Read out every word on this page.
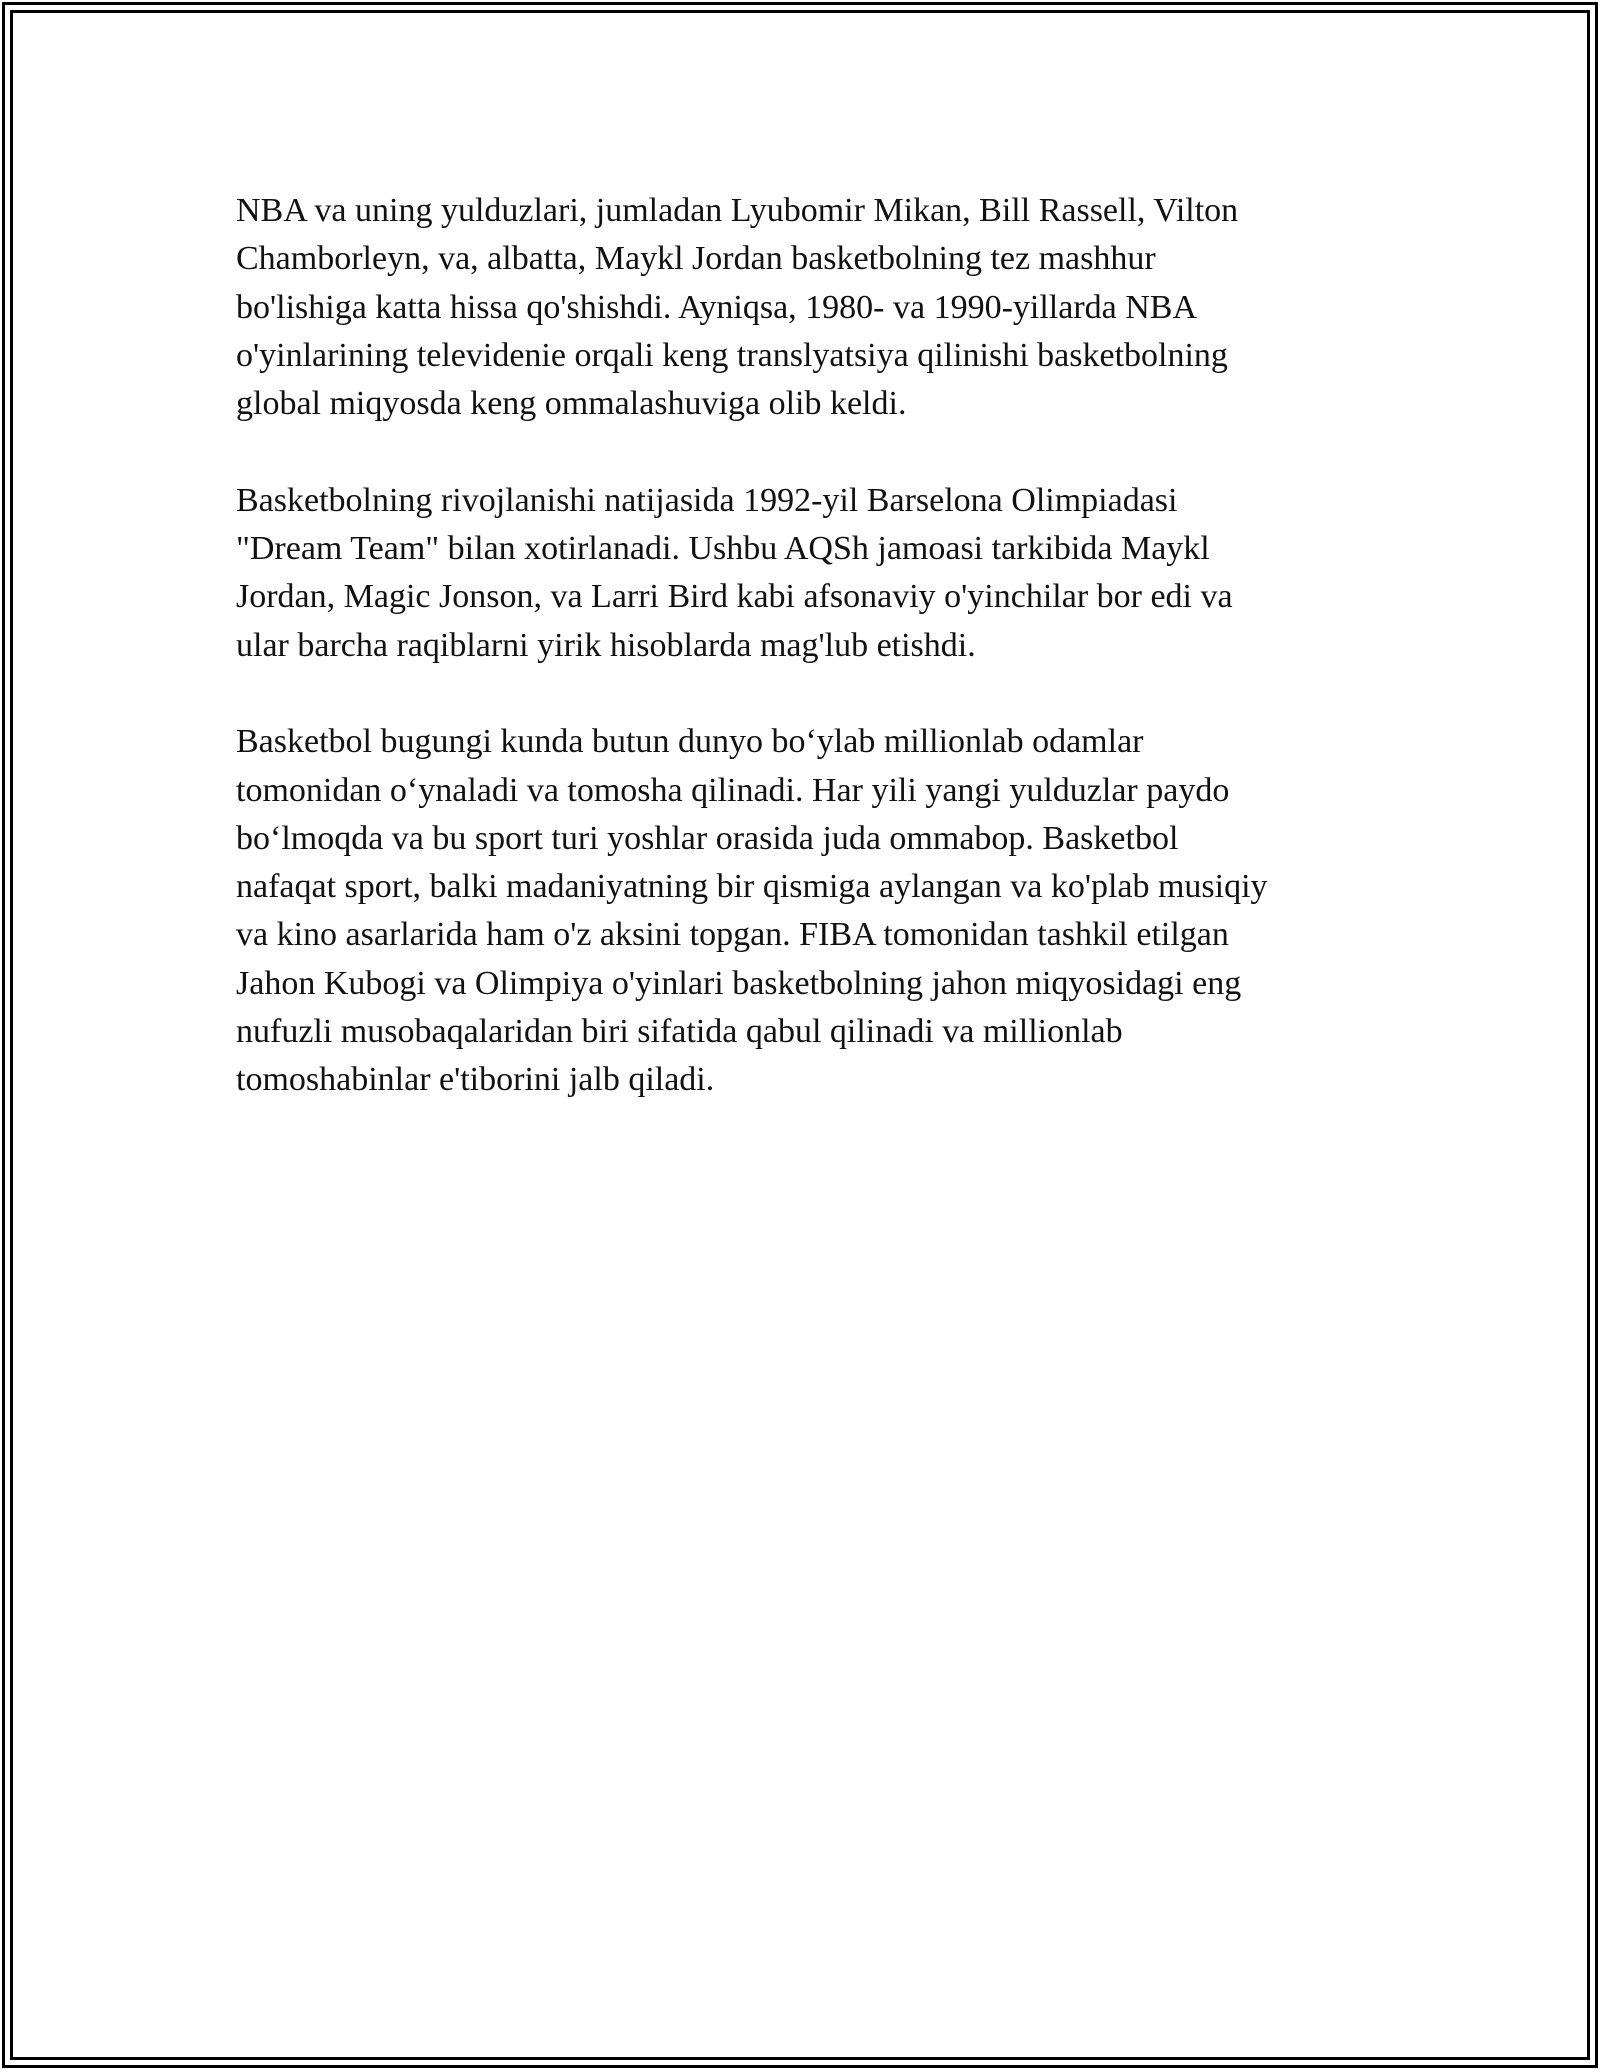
NBA va uning yulduzlari, jumladan Lyubomir Mikan, Bill Rassell, Vilton
Chamborleyn, va, albatta, Maykl Jordan basketbolning tez mashhur
bo'lishiga katta hissa qo'shishdi. Ayniqsa, 1980- va 1990-yillarda NBA
o'yinlarining televidenie orqali keng translyatsiya qilinishi basketbolning
global miqyosda keng ommalashuviga olib keldi.

Basketbolning rivojlanishi natijasida 1992-yil Barselona Olimpiadasi
"Dream Team" bilan xotirlanadi. Ushbu AQSh jamoasi tarkibida Maykl
Jordan, Magic Jonson, va Larri Bird kabi afsonaviy o'yinchilar bor edi va
ular barcha raqiblarni yirik hisoblarda mag'lub etishdi.

Basketbol bugungi kunda butun dunyo bo‘ylab millionlab odamlar
tomonidan o‘ynaladi va tomosha qilinadi. Har yili yangi yulduzlar paydo
bo‘lmoqda va bu sport turi yoshlar orasida juda ommabop. Basketbol
nafaqat sport, balki madaniyatning bir qismiga aylangan va ko'plab musiqiy
va kino asarlarida ham o'z aksini topgan. FIBA tomonidan tashkil etilgan
Jahon Kubogi va Olimpiya o'yinlari basketbolning jahon miqyosidagi eng
nufuzli musobaqalaridan biri sifatida qabul qilinadi va millionlab
tomoshabinlar e'tiborini jalb qiladi.
